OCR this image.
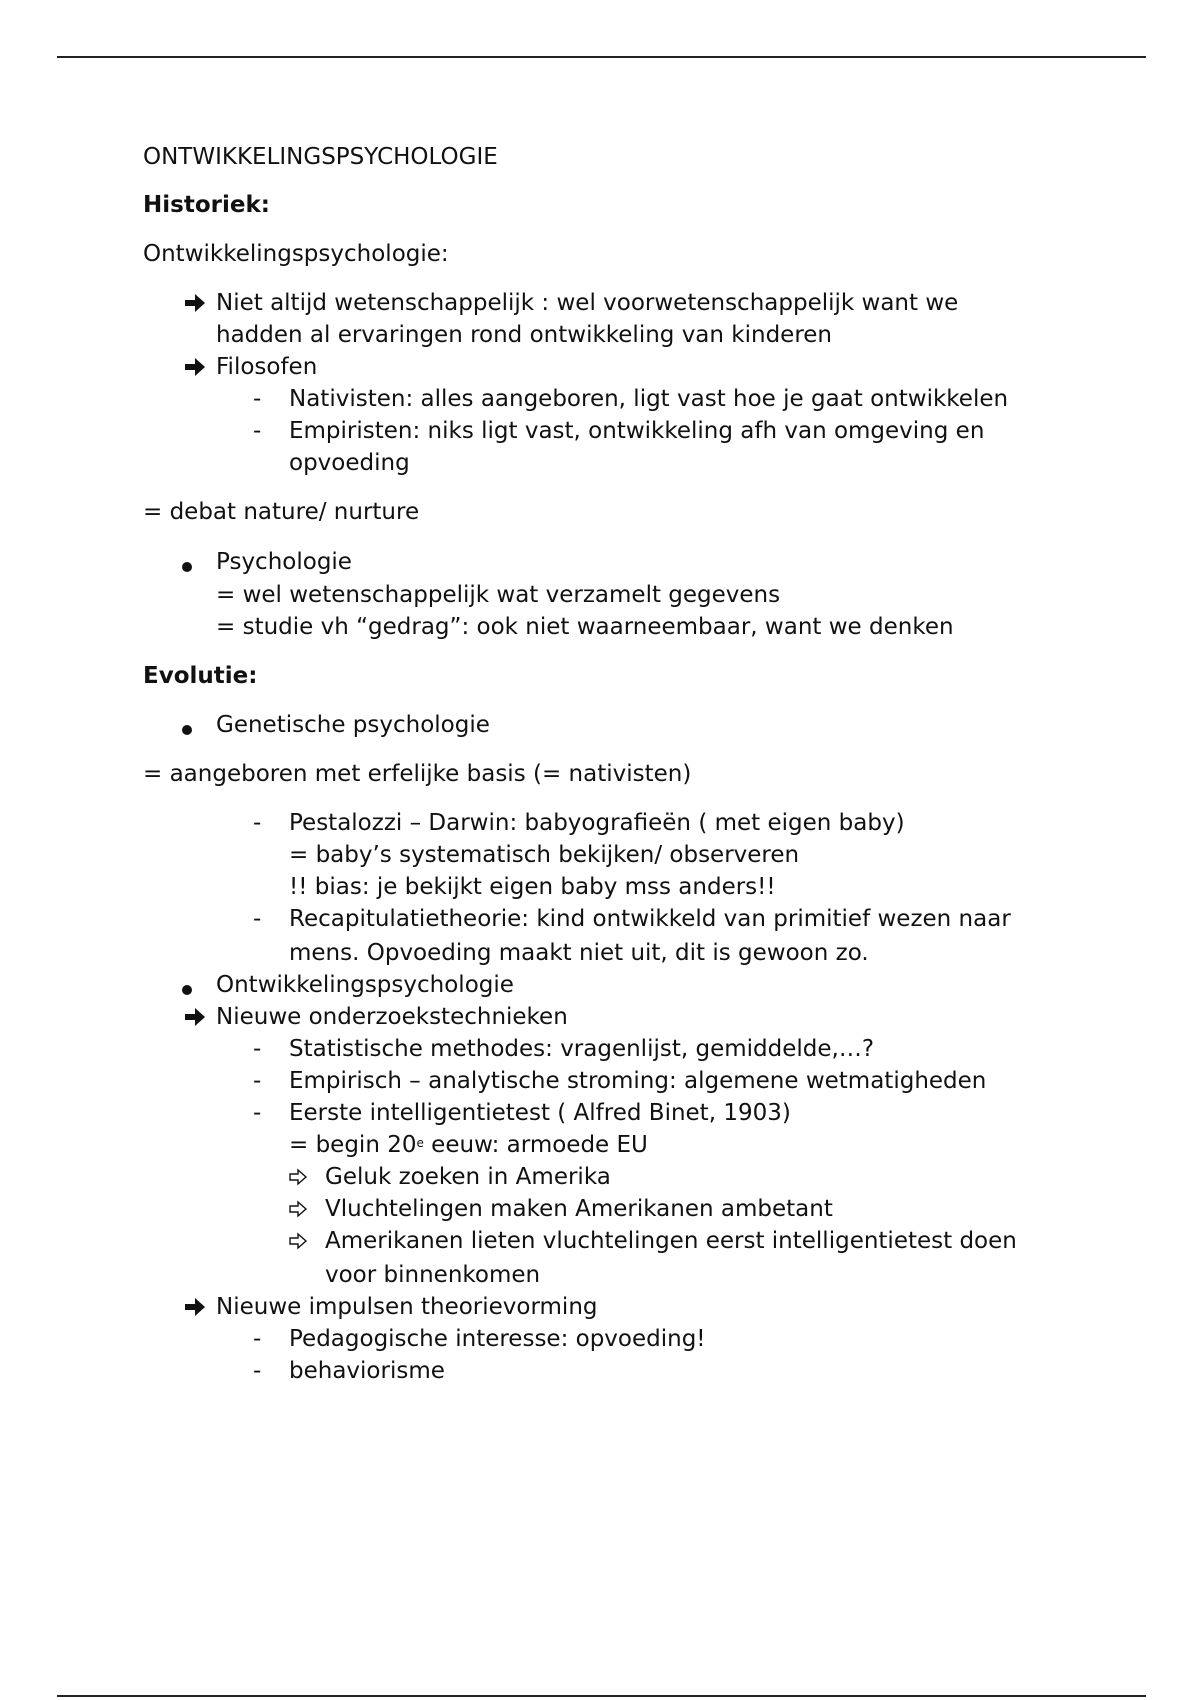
ONTWIKKELINGSPSYCHOLOGIE
Historiek:
Ontwikkelingspsychologie:
Niet altijd wetenschappelijk : wel voorwetenschappelijk want we
hadden al ervaringen rond ontwikkeling van kinderen
Filosofen
- Nativisten: alles aangeboren, ligt vast hoe je gaat ontwikkelen
- Empiristen: niks ligt vast, ontwikkeling afh van omgeving en
opvoeding
= debat nature/ nurture
Psychologie
= wel wetenschappelijk wat verzamelt gegevens
= studie vh “gedrag”: ook niet waarneembaar, want we denken
Evolutie:
Genetische psychologie
= aangeboren met erfelijke basis (= nativisten)
- Pestalozzi – Darwin: babyografieën ( met eigen baby)
= baby’s systematisch bekijken/ observeren
!! bias: je bekijkt eigen baby mss anders!!
- Recapitulatietheorie: kind ontwikkeld van primitief wezen naar
mens. Opvoeding maakt niet uit, dit is gewoon zo.
Ontwikkelingspsychologie
Nieuwe onderzoekstechnieken
- Statistische methodes: vragenlijst, gemiddelde,…?
- Empirisch – analytische stroming: algemene wetmatigheden
- Eerste intelligentietest ( Alfred Binet, 1903)
= begin 20e eeuw: armoede EU
Geluk zoeken in Amerika
Vluchtelingen maken Amerikanen ambetant
Amerikanen lieten vluchtelingen eerst intelligentietest doen
voor binnenkomen
Nieuwe impulsen theorievorming
- Pedagogische interesse: opvoeding!
- behaviorisme
